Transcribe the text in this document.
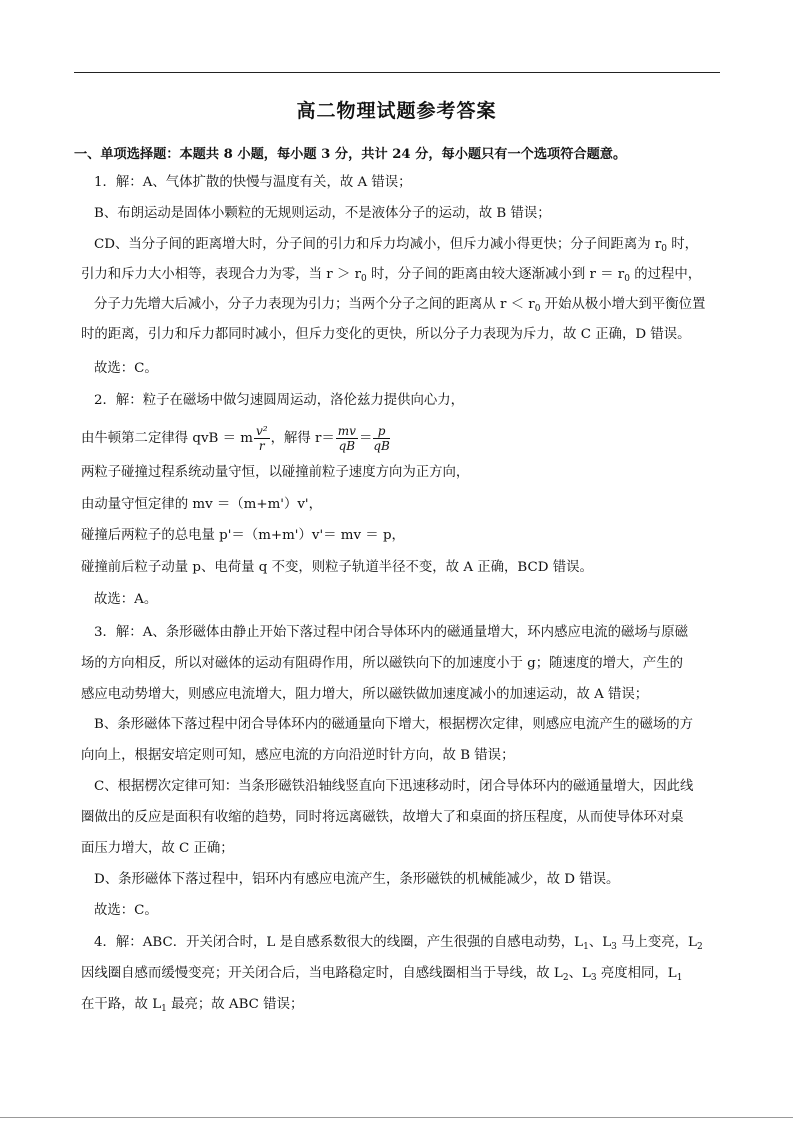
高二物理试题参考答案
一、单项选择题：本题共 8 小题，每小题 3 分，共计 24 分，每小题只有一个选项符合题意。
1．解：A、气体扩散的快慢与温度有关，故 A 错误；
B、布朗运动是固体小颗粒的无规则运动，不是液体分子的运动，故 B 错误；
CD、当分子间的距离增大时，分子间的引力和斥力均减小，但斥力减小得更快；分子间距离为 $r_0$ 时，
引力和斥力大小相等，表现合力为零，当 $r > r_0$ 时，分子间的距离由较大逐渐减小到 $r = r_0$ 的过程中，
分子力先增大后减小，分子力表现为引力；当两个分子之间的距离从 $r < r_0$ 开始从极小增大到平衡位置
时的距离，引力和斥力都同时减小，但斥力变化的更快，所以分子力表现为斥力，故 C 正确，D 错误。
故选：C。
2．解：粒子在磁场中做匀速圆周运动，洛伦兹力提供向心力，
由牛顿第二定律得 qvB ＝ m $\frac{\text{v²}}{r}$ ，解得 $r= \frac{mv}{qB} = \frac{p}{qB}$
两粒子碰撞过程系统动量守恒，以碰撞前粒子速度方向为正方向，
由动量守恒定律的 mv ＝（m+m'）v'，
碰撞后两粒子的总电量 p'＝（m+m'）v'＝ mv ＝ p，
碰撞前后粒子动量 p、电荷量 q 不变，则粒子轨道半径不变，故 A 正确，BCD 错误。
故选：A。
3．解：A、条形磁体由静止开始下落过程中闭合导体环内的磁通量增大，环内感应电流的磁场与原磁
场的方向相反，所以对磁体的运动有阻碍作用，所以磁铁向下的加速度小于 g；随速度的增大，产生的
感应电动势增大，则感应电流增大，阻力增大，所以磁铁做加速度减小的加速运动，故 A 错误；
B、条形磁体下落过程中闭合导体环内的磁通量向下增大，根据楞次定律，则感应电流产生的磁场的方
向向上，根据安培定则可知，感应电流的方向沿逆时针方向，故 B 错误；
C、根据楞次定律可知：当条形磁铁沿轴线竖直向下迅速移动时，闭合导体环内的磁通量增大，因此线
圈做出的反应是面积有收缩的趋势，同时将远离磁铁，故增大了和桌面的挤压程度，从而使导体环对桌
面压力增大，故 C 正确；
D、条形磁体下落过程中，铝环内有感应电流产生，条形磁铁的机械能减少，故 D 错误。
故选：C。
4．解：ABC．开关闭合时，L 是自感系数很大的线圈，产生很强的自感电动势，$L_1$、$L_3$ 马上变亮，$L_2$
因线圈自感而缓慢变亮；开关闭合后，当电路稳定时，自感线圈相当于导线，故 $L_2$、$L_3$ 亮度相同，$L_1$
在干路，故 $L_1$ 最亮；故 ABC 错误；
